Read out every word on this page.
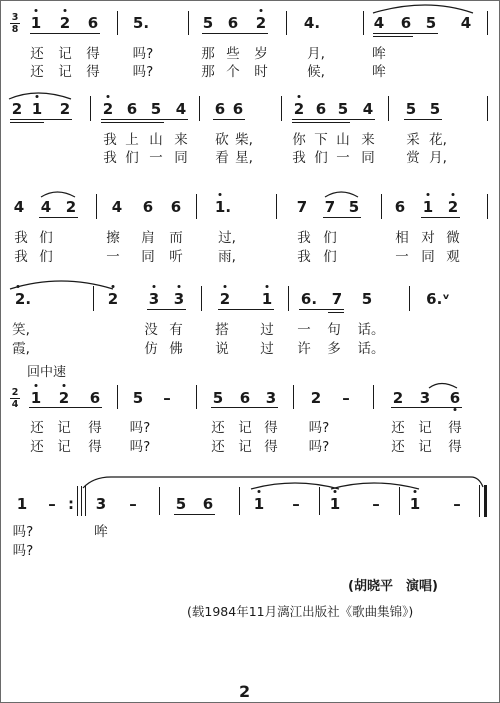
3
8
2
4
1 2 6 5.	5 6 2	4.	4 6 5 4
还 记 得 吗?	那 些 岁	月,	哞
还 记 得 吗?	那 个 时	候,	哞
2 1 2 2 6 5 4 6 6	2 6 5 4 5 5
我 上 山 来 砍 柴,	你 下 山 来 采 花,
我 们 一 同 看 星,	我 们 一 同 赏 月,
4 4 2 4 6 6 1.	7 7 5 6 1 2
我 们	擦 肩 而	过,	我 们	相 对 微
我 们	一 同 听	雨,	我 们	一 同 观
2.	2 3 3 2 1 6. 7 5	6.ᵛ
笑,	没 有 搭 过 一 句 话。
霞,	仿 佛 说 过 许 多 话。
回中速
1 2 6 5 –	5 6 3 2 –	2 3 6
还 记 得 吗?	还 记 得 吗?	还 记 得
还 记 得 吗?	还 记 得 吗?	还 记 得
1 – : 3 –	5 6	1 – 1 – 1 –
吗?	哞
吗?
(胡晓平　演唱)
(载1984年11月漓江出版社《歌曲集锦》)
2
